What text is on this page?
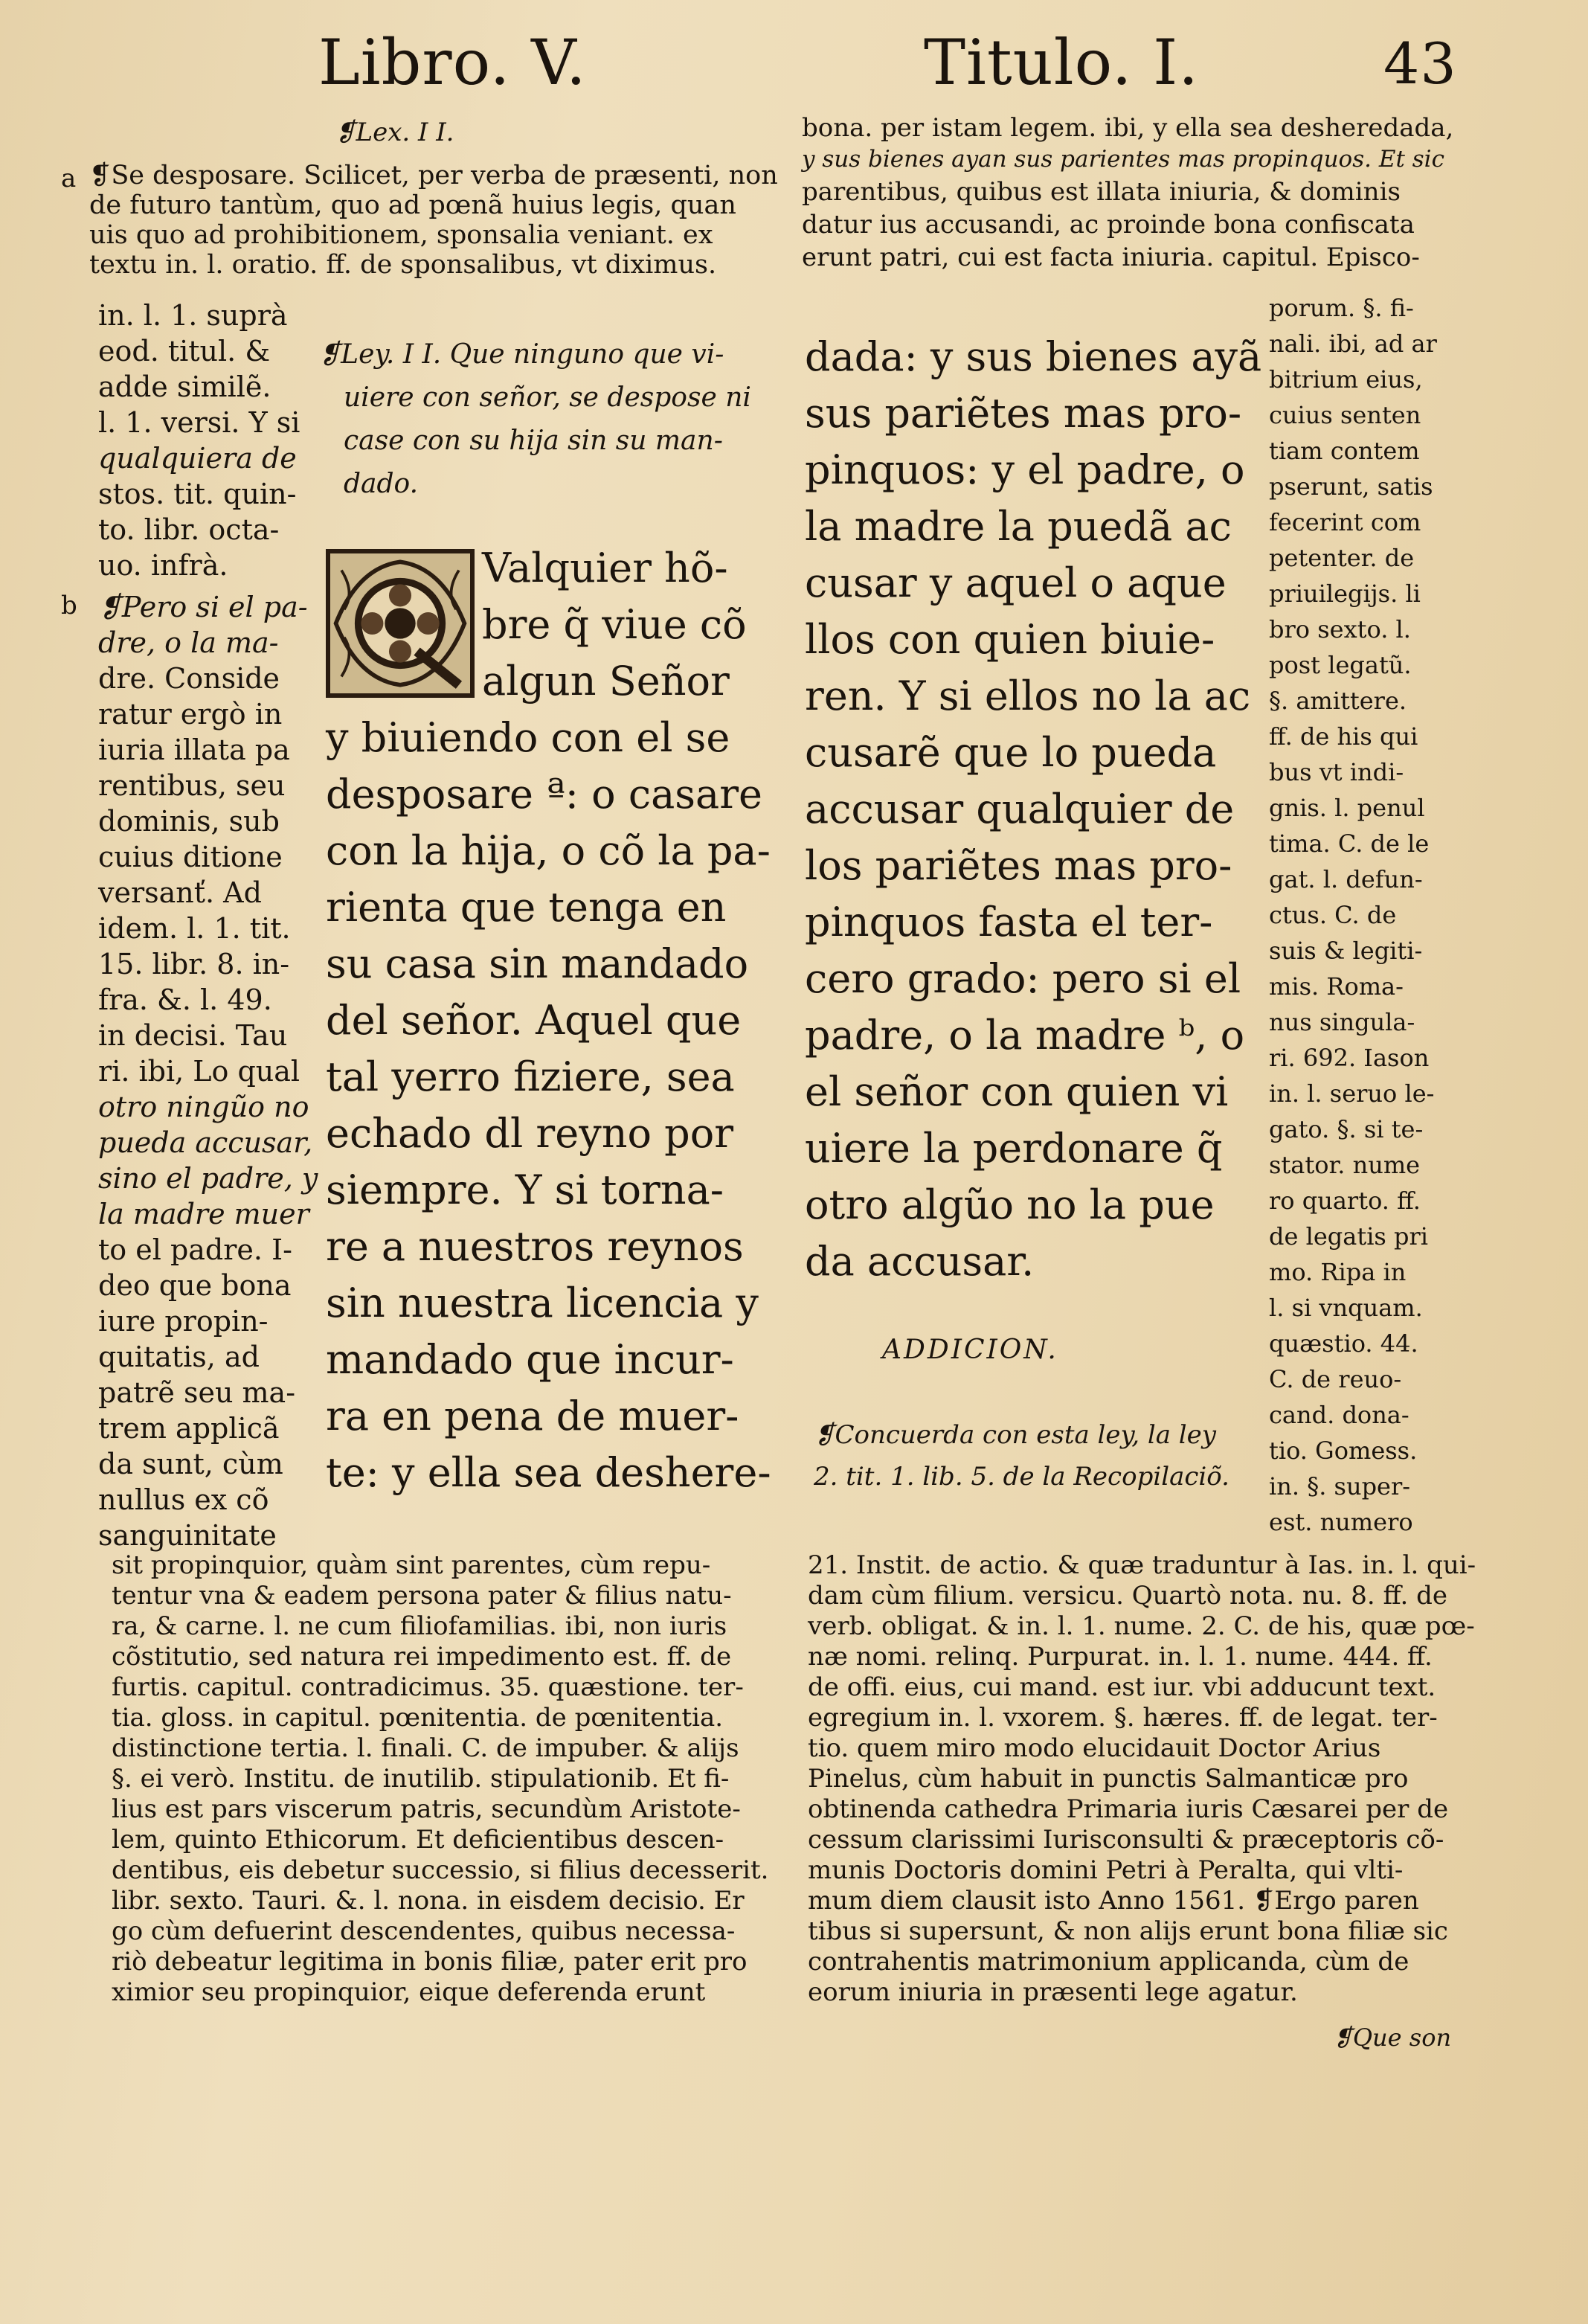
Libro. V.	Titulo. I.	43
❡Lex. I I.
a
b
❡Se desposare. Scilicet, per verba de præsenti, non
de futuro tantùm, quo ad pœnã huius legis, quan
uis quo ad prohibitionem, sponsalia veniant. ex
textu in. l. oratio. ff. de sponsalibus, vt diximus.
in. l. 1. suprà
eod. titul. &
adde similẽ.
l. 1. versi. Y si
qualquiera de
stos. tit. quin-
to. libr. octa-
uo. infrà.
❡Pero si el pa-
dre, o la ma-
dre. Conside
ratur ergò in
iuria illata pa
rentibus, seu
dominis, sub
cuius ditione
versanť. Ad
idem. l. 1. tit.
15. libr. 8. in-
fra. &. l. 49.
in decisi. Tau
ri. ibi, Lo qual
otro ningũo no
pueda accusar,
sino el padre, y
la madre muer
to el padre. I-
deo que bona
iure propin-
quitatis, ad
patrẽ seu ma-
trem applicã
da sunt, cùm
nullus ex cõ
sanguinitate
❡Ley. I I. Que ninguno que vi-
uiere con señor, se despose ni
case con su hija sin su man-
dado.
Valquier hõ-
bre q̃ viue cõ
algun Señor
y biuiendo con el se
desposare ª: o casare
con la hija, o cõ la pa-
rienta que tenga en
su casa sin mandado
del señor. Aquel que
tal yerro fiziere, sea
echado dl reyno por
siempre. Y si torna-
re a nuestros reynos
sin nuestra licencia y
mandado que incur-
ra en pena de muer-
te: y ella sea deshere-
bona. per istam legem. ibi, y ella sea desheredada,
y sus bienes ayan sus parientes mas propinquos. Et sic
parentibus, quibus est illata iniuria, & dominis
datur ius accusandi, ac proinde bona confiscata
erunt patri, cui est facta iniuria. capitul. Episco-
dada: y sus bienes ayã
sus pariẽtes mas pro-
pinquos: y el padre, o
la madre la puedã ac
cusar y aquel o aque
llos con quien biuie-
ren. Y si ellos no la ac
cusarẽ que lo pueda
accusar qualquier de
los pariẽtes mas pro-
pinquos fasta el ter-
cero grado: pero si el
padre, o la madre ᵇ, o
el señor con quien vi
uiere la perdonare q̃
otro algũo no la pue
da accusar.
porum. §. fi-
nali. ibi, ad ar
bitrium eius,
cuius senten
tiam contem
pserunt, satis
fecerint com
petenter. de
priuilegijs. li
bro sexto. l.
post legatũ.
§. amittere.
ff. de his qui
bus vt indi-
gnis. l. penul
tima. C. de le
gat. l. defun-
ctus. C. de
suis & legiti-
mis. Roma-
nus singula-
ri. 692. Iason
in. l. seruo le-
gato. §. si te-
stator. nume
ro quarto. ff.
de legatis pri
mo. Ripa in
l. si vnquam.
quæstio. 44.
C. de reuo-
cand. dona-
tio. Gomess.
in. §. super-
est. numero
ADDICION.
❡Concuerda con esta ley, la ley
2. tit. 1. lib. 5. de la Recopilaciõ.
sit propinquior, quàm sint parentes, cùm repu-
tentur vna & eadem persona pater & filius natu-
ra, & carne. l. ne cum filiofamilias. ibi, non iuris
cõstitutio, sed natura rei impedimento est. ff. de
furtis. capitul. contradicimus. 35. quæstione. ter-
tia. gloss. in capitul. pœnitentia. de pœnitentia.
distinctione tertia. l. finali. C. de impuber. & alijs
§. ei verò. Institu. de inutilib. stipulationib. Et fi-
lius est pars viscerum patris, secundùm Aristote-
lem, quinto Ethicorum. Et deficientibus descen-
dentibus, eis debetur successio, si filius decesserit.
libr. sexto. Tauri. &. l. nona. in eisdem decisio. Er
go cùm defuerint descendentes, quibus necessa-
riò debeatur legitima in bonis filiæ, pater erit pro
ximior seu propinquior, eique deferenda erunt
21. Instit. de actio. & quæ traduntur à Ias. in. l. qui-
dam cùm filium. versicu. Quartò nota. nu. 8. ff. de
verb. obligat. & in. l. 1. nume. 2. C. de his, quæ pœ-
næ nomi. relinq. Purpurat. in. l. 1. nume. 444. ff.
de offi. eius, cui mand. est iur. vbi adducunt text.
egregium in. l. vxorem. §. hæres. ff. de legat. ter-
tio. quem miro modo elucidauit Doctor Arius
Pinelus, cùm habuit in punctis Salmanticæ pro
obtinenda cathedra Primaria iuris Cæsarei per de
cessum clarissimi Iurisconsulti & præceptoris cõ-
munis Doctoris domini Petri à Peralta, qui vlti-
mum diem clausit isto Anno 1561. ❡Ergo paren
tibus si supersunt, & non alijs erunt bona filiæ sic
contrahentis matrimonium applicanda, cùm de
eorum iniuria in præsenti lege agatur.
❡Que son
